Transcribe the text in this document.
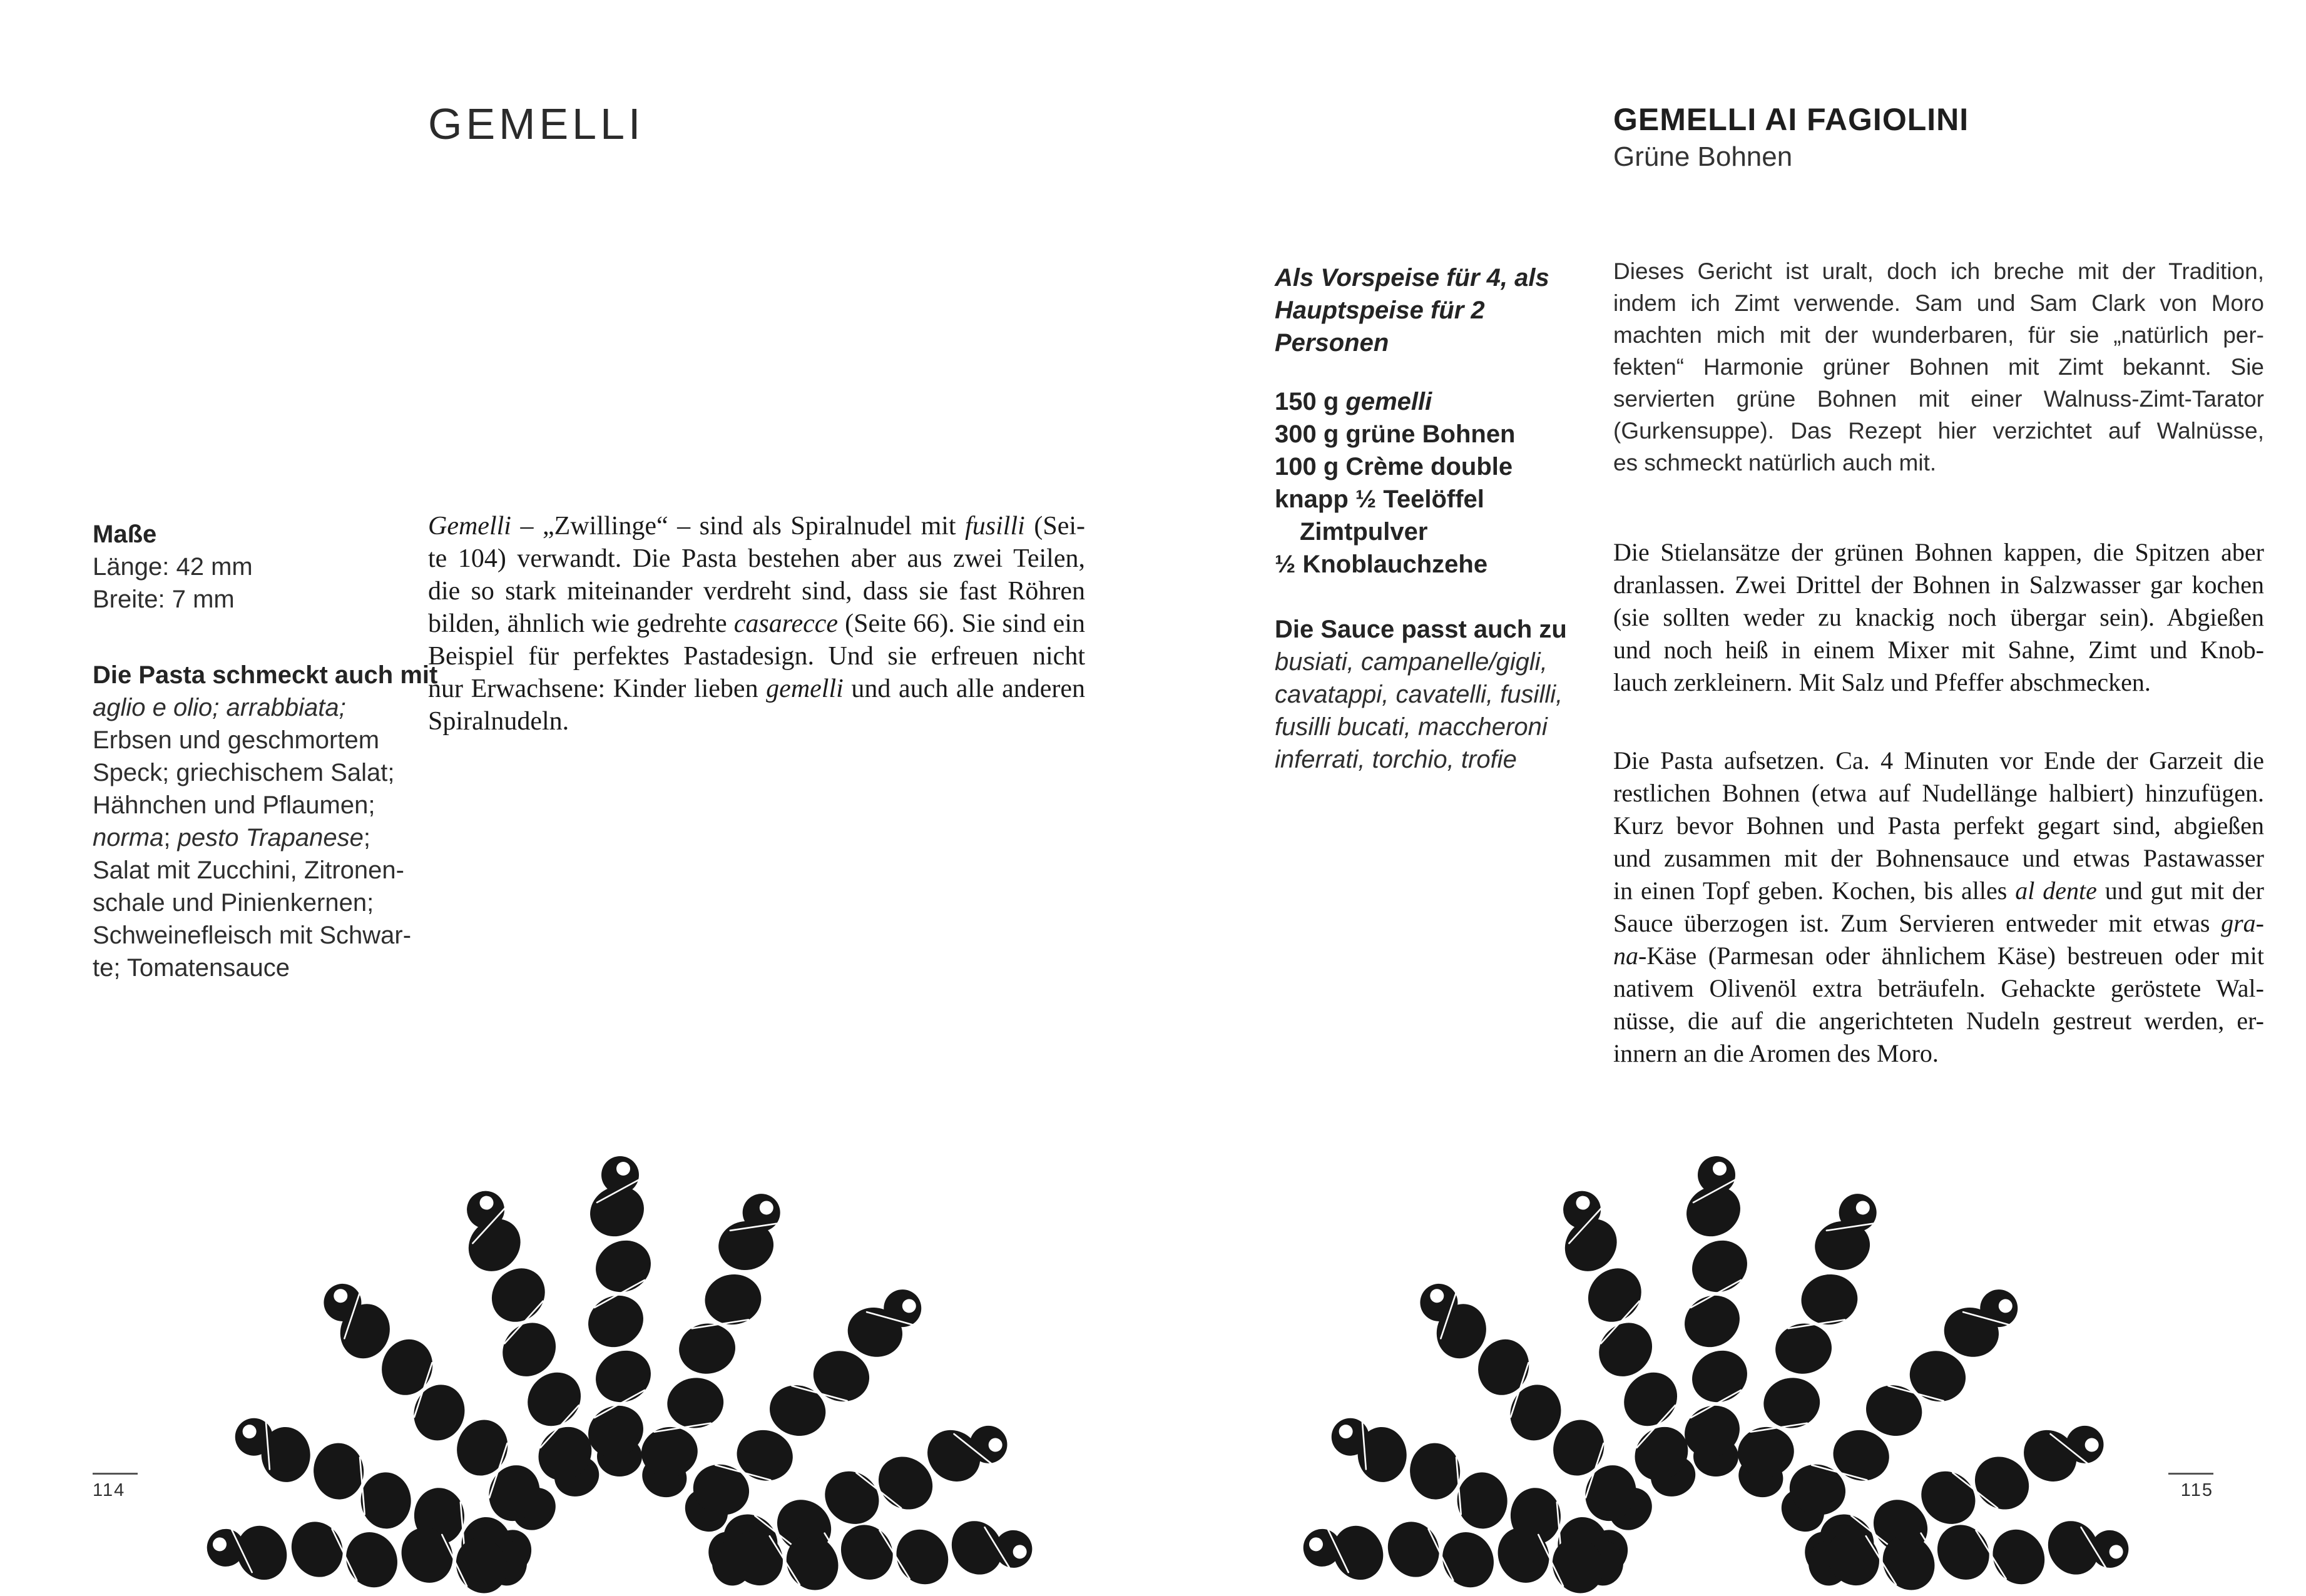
GEMELLI
Maße
Länge: 42 mm
Breite: 7 mm
Die Pasta schmeckt auch mit
aglio e olio; arrabbiata;
Erbsen und geschmortem
Speck; griechischem Salat;
Hähnchen und Pflaumen;
norma; pesto Trapanese;
Salat mit Zucchini, Zitronen-
schale und Pinienkernen;
Schweinefleisch mit Schwar-
te; Tomatensauce
Gemelli – „Zwillinge“ – sind als Spiralnudel mit fusilli (Sei-
te 104) verwandt. Die Pasta bestehen aber aus zwei Teilen,
die so stark miteinander verdreht sind, dass sie fast Röhren
bilden, ähnlich wie gedrehte casarecce (Seite 66). Sie sind ein
Beispiel für perfektes Pastadesign. Und sie erfreuen nicht
nur Erwachsene: Kinder lieben gemelli und auch alle anderen
Spiralnudeln.
114
GEMELLI AI FAGIOLINI
Grüne Bohnen
Als Vorspeise für 4, als
Hauptspeise für 2 Personen
150 g gemelli
300 g grüne Bohnen
100 g Crème double
knapp ½ Teelöffel
 Zimtpulver
½ Knoblauchzehe
Die Sauce passt auch zu
busiati, campanelle/gigli,
cavatappi, cavatelli, fusilli,
fusilli bucati, maccheroni
inferrati, torchio, trofie
Dieses Gericht ist uralt, doch ich breche mit der Tradition,
indem ich Zimt verwende. Sam und Sam Clark von Moro
machten mich mit der wunderbaren, für sie „natürlich per-
fekten“ Harmonie grüner Bohnen mit Zimt bekannt. Sie
servierten grüne Bohnen mit einer Walnuss-Zimt-Tarator
(Gurkensuppe). Das Rezept hier verzichtet auf Walnüsse,
es schmeckt natürlich auch mit.
Die Stielansätze der grünen Bohnen kappen, die Spitzen aber
dranlassen. Zwei Drittel der Bohnen in Salzwasser gar kochen
(sie sollten weder zu knackig noch übergar sein). Abgießen
und noch heiß in einem Mixer mit Sahne, Zimt und Knob-
lauch zerkleinern. Mit Salz und Pfeffer abschmecken.
Die Pasta aufsetzen. Ca. 4 Minuten vor Ende der Garzeit die
restlichen Bohnen (etwa auf Nudellänge halbiert) hinzufügen.
Kurz bevor Bohnen und Pasta perfekt gegart sind, abgießen
und zusammen mit der Bohnensauce und etwas Pastawasser
in einen Topf geben. Kochen, bis alles al dente und gut mit der
Sauce überzogen ist. Zum Servieren entweder mit etwas gra-
na-Käse (Parmesan oder ähnlichem Käse) bestreuen oder mit
nativem Olivenöl extra beträufeln. Gehackte geröstete Wal-
nüsse, die auf die angerichteten Nudeln gestreut werden, er-
innern an die Aromen des Moro.
115
